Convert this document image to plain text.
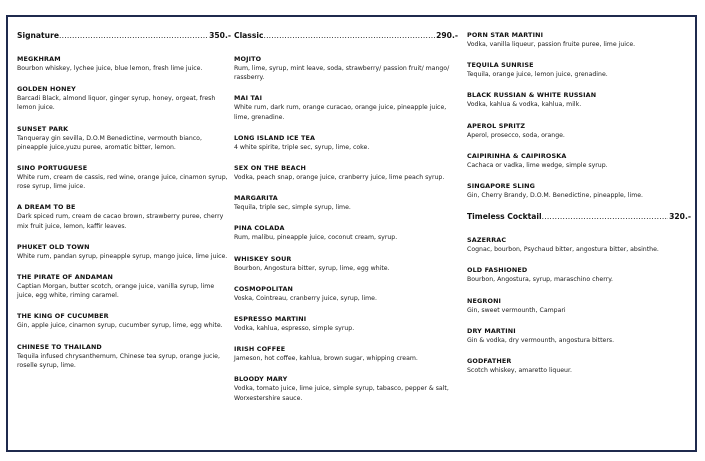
Signature .....	350.-
MEGKHRAM
Bourbon whiskey, lychee juice, blue lemon, fresh lime juice.
GOLDEN HONEY
Barcadi Black, almond liquor, ginger syrup, honey, orgeat, fresh lemon juice.
SUNSET PARK
Tanqueray gin sevilla, D.O.M Benedictine, vermouth bianco, pineapple juice,yuzu puree, aromatic bitter, lemon.
SINO PORTUGUESE
White rum, cream de cassis, red wine, orange juice, cinamon syrup, rose syrup, lime juice.
A DREAM TO BE
Dark spiced rum, cream de cacao brown, strawberry puree, cherry mix fruit juice, lemon, kaffir leaves.
PHUKET OLD TOWN
White rum, pandan syrup, pineapple syrup, mango juice, lime juice.
THE PIRATE OF ANDAMAN
Captian Morgan, butter scotch, orange juice, vanilla syrup, lime juice, egg white, riming caramel.
THE KING OF CUCUMBER
Gin, apple juice, cinamon syrup, cucumber syrup, lime, egg white.
CHINESE TO THAILAND
Tequila infused chrysanthemum, Chinese tea syrup, orange jucie, roselle syrup, lime.
Classic .....	290.-
MOJITO
Rum, lime, syrup, mint leave, soda, strawberry/ passion fruit/ mango/ rassberry.
MAI TAI
White rum, dark rum, orange curacao, orange juice, pineapple juice, lime, grenadine.
LONG ISLAND ICE TEA
4 white spirite, triple sec, syrup, lime, coke.
SEX ON THE BEACH
Vodka, peach snap, orange juice, cranberry juice, lime peach syrup.
MARGARITA
Tequila, triple sec, simple syrup, lime.
PINA COLADA
Rum, malibu, pineapple juice, coconut cream, syrup.
WHISKEY SOUR
Bourbon, Angostura bitter, syrup, lime, egg white.
COSMOPOLITAN
Voska, Cointreau, cranberry juice, syrup, lime.
ESPRESSO MARTINI
Vodka, kahlua, espresso, simple syrup.
IRISH COFFEE
Jameson, hot coffee, kahlua, brown sugar, whipping cream.
BLOODY MARY
Vodka, tomato juice, lime juice, simple syrup, tabasco, pepper & salt, Worxestershire sauce.
PORN STAR MARTINI
Vodka, vanilla liqueur, passion fruite puree, lime juice.
TEQUILA SUNRISE
Tequila, orange juice, lemon juice, grenadine.
BLACK RUSSIAN & WHITE RUSSIAN
Vodka, kahlua & vodka, kahlua, milk.
APEROL SPRITZ
Aperol, prosecco, soda, orange.
CAIPIRINHA & CAIPIROSKA
Cachaca or vadka, lime wedge, simple syrup.
SINGAPORE SLING
Gin, Cherry Brandy, D.O.M. Benedictine, pineapple, lime.
Timeless Cocktail .....	320.-
SAZERRAC
Cognac, bourbon, Psychaud bitter, angostura bitter, absinthe.
OLD FASHIONED
Bourbon, Angostura, syrup, maraschino cherry.
NEGRONI
Gin, sweet vermounth, Campari
DRY MARTINI
Gin & vodka, dry vermounth, angostura bitters.
GODFATHER
Scotch whiskey, amaretto liqueur.
